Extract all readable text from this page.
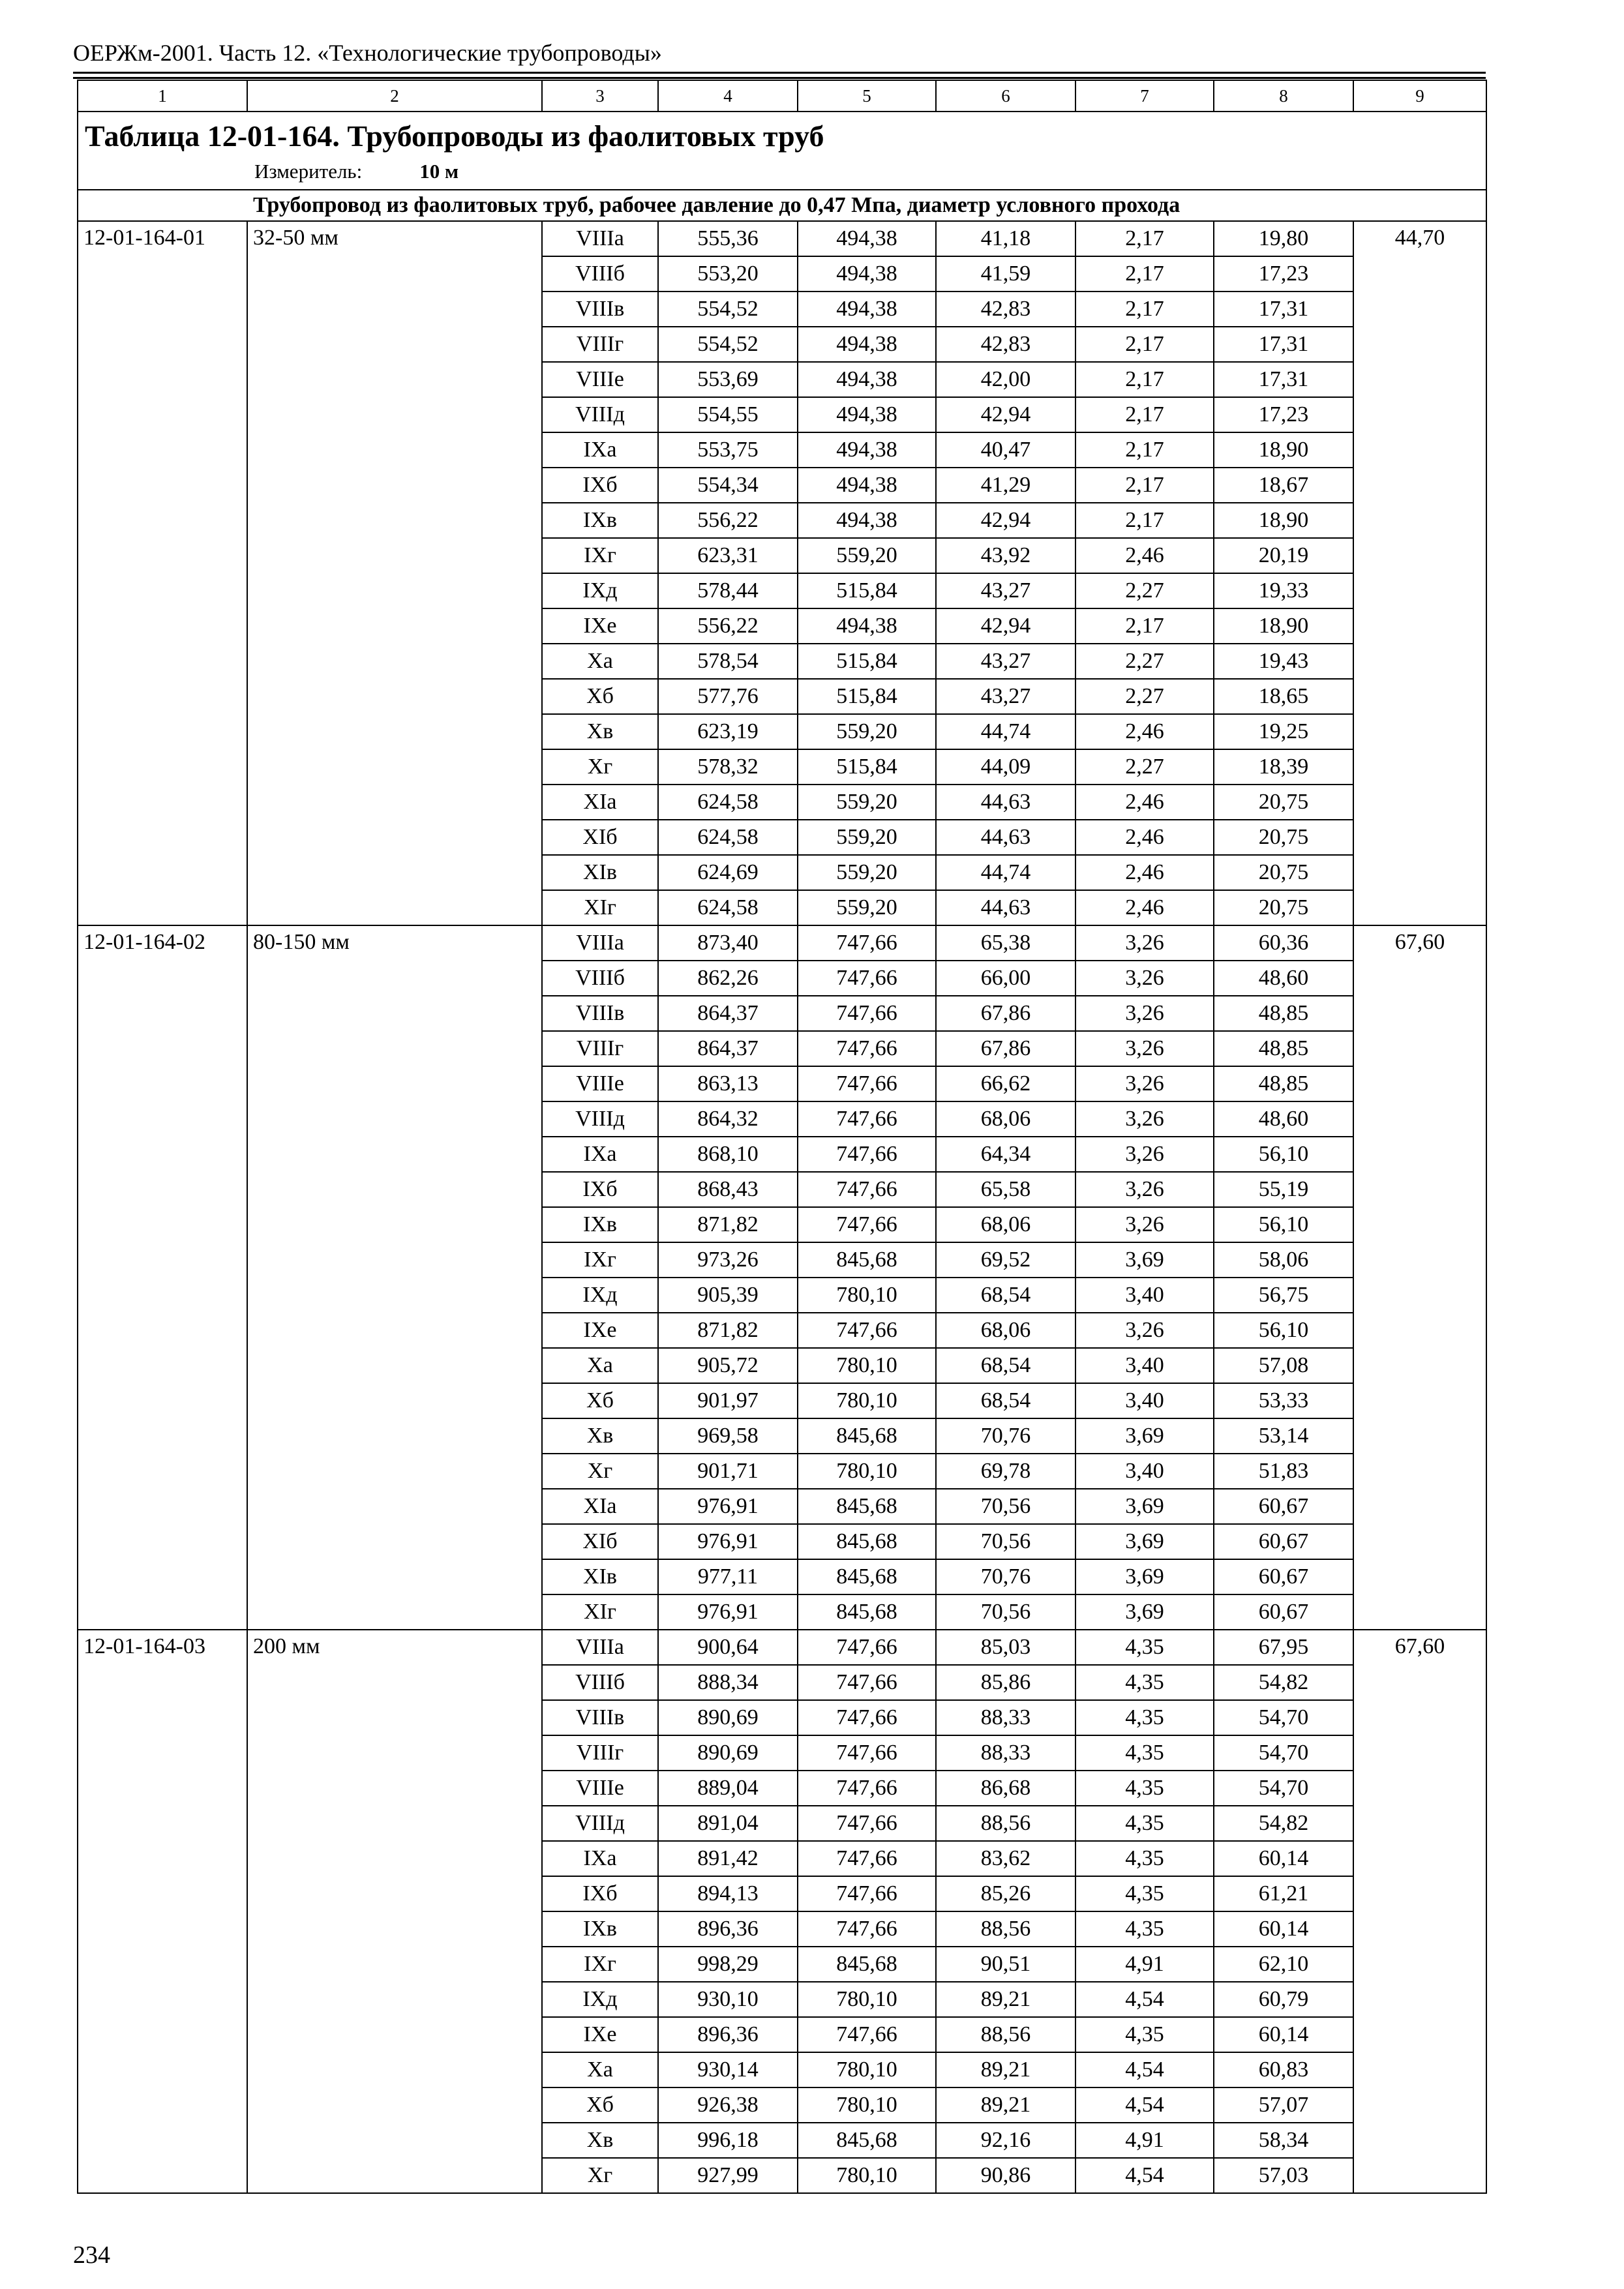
ОЕРЖм-2001. Часть 12. «Технологические трубопроводы»
1	2	3	4	5	6	7	8	9

Таблица 12-01-164. Трубопроводы из фаолитовых труб
Измеритель: 10 м								

Трубопровод из фаолитовых труб, рабочее давление до 0,47 Мпа, диаметр условного прохода								
12-01-164-01	32-50 мм	VIIIа	555,36	494,38	41,18	2,17	19,80	44,70
		VIIIб	553,20	494,38	41,59	2,17	17,23	
		VIIIв	554,52	494,38	42,83	2,17	17,31	
		VIIIг	554,52	494,38	42,83	2,17	17,31	
		VIIIе	553,69	494,38	42,00	2,17	17,31	
		VIIIд	554,55	494,38	42,94	2,17	17,23	
		IXа	553,75	494,38	40,47	2,17	18,90	
		IXб	554,34	494,38	41,29	2,17	18,67	
		IXв	556,22	494,38	42,94	2,17	18,90	
		IXг	623,31	559,20	43,92	2,46	20,19	
		IXд	578,44	515,84	43,27	2,27	19,33	
		IXе	556,22	494,38	42,94	2,17	18,90	
		Xа	578,54	515,84	43,27	2,27	19,43	
		Xб	577,76	515,84	43,27	2,27	18,65	
		Xв	623,19	559,20	44,74	2,46	19,25	
		Xг	578,32	515,84	44,09	2,27	18,39	
		XIа	624,58	559,20	44,63	2,46	20,75	
		XIб	624,58	559,20	44,63	2,46	20,75	
		XIв	624,69	559,20	44,74	2,46	20,75	
		XIг	624,58	559,20	44,63	2,46	20,75	
12-01-164-02	80-150 мм	VIIIа	873,40	747,66	65,38	3,26	60,36	67,60
		VIIIб	862,26	747,66	66,00	3,26	48,60	
		VIIIв	864,37	747,66	67,86	3,26	48,85	
		VIIIг	864,37	747,66	67,86	3,26	48,85	
		VIIIе	863,13	747,66	66,62	3,26	48,85	
		VIIIд	864,32	747,66	68,06	3,26	48,60	
		IXа	868,10	747,66	64,34	3,26	56,10	
		IXб	868,43	747,66	65,58	3,26	55,19	
		IXв	871,82	747,66	68,06	3,26	56,10	
		IXг	973,26	845,68	69,52	3,69	58,06	
		IXд	905,39	780,10	68,54	3,40	56,75	
		IXе	871,82	747,66	68,06	3,26	56,10	
		Xа	905,72	780,10	68,54	3,40	57,08	
		Xб	901,97	780,10	68,54	3,40	53,33	
		Xв	969,58	845,68	70,76	3,69	53,14	
		Xг	901,71	780,10	69,78	3,40	51,83	
		XIа	976,91	845,68	70,56	3,69	60,67	
		XIб	976,91	845,68	70,56	3,69	60,67	
		XIв	977,11	845,68	70,76	3,69	60,67	
		XIг	976,91	845,68	70,56	3,69	60,67	
12-01-164-03	200 мм	VIIIа	900,64	747,66	85,03	4,35	67,95	67,60
		VIIIб	888,34	747,66	85,86	4,35	54,82	
		VIIIв	890,69	747,66	88,33	4,35	54,70	
		VIIIг	890,69	747,66	88,33	4,35	54,70	
		VIIIе	889,04	747,66	86,68	4,35	54,70	
		VIIIд	891,04	747,66	88,56	4,35	54,82	
		IXа	891,42	747,66	83,62	4,35	60,14	
		IXб	894,13	747,66	85,26	4,35	61,21	
		IXв	896,36	747,66	88,56	4,35	60,14	
		IXг	998,29	845,68	90,51	4,91	62,10	
		IXд	930,10	780,10	89,21	4,54	60,79	
		IXе	896,36	747,66	88,56	4,35	60,14	
		Xа	930,14	780,10	89,21	4,54	60,83	
		Xб	926,38	780,10	89,21	4,54	57,07	
		Xв	996,18	845,68	92,16	4,91	58,34	
		Xг	927,99	780,10	90,86	4,54	57,03	
234
